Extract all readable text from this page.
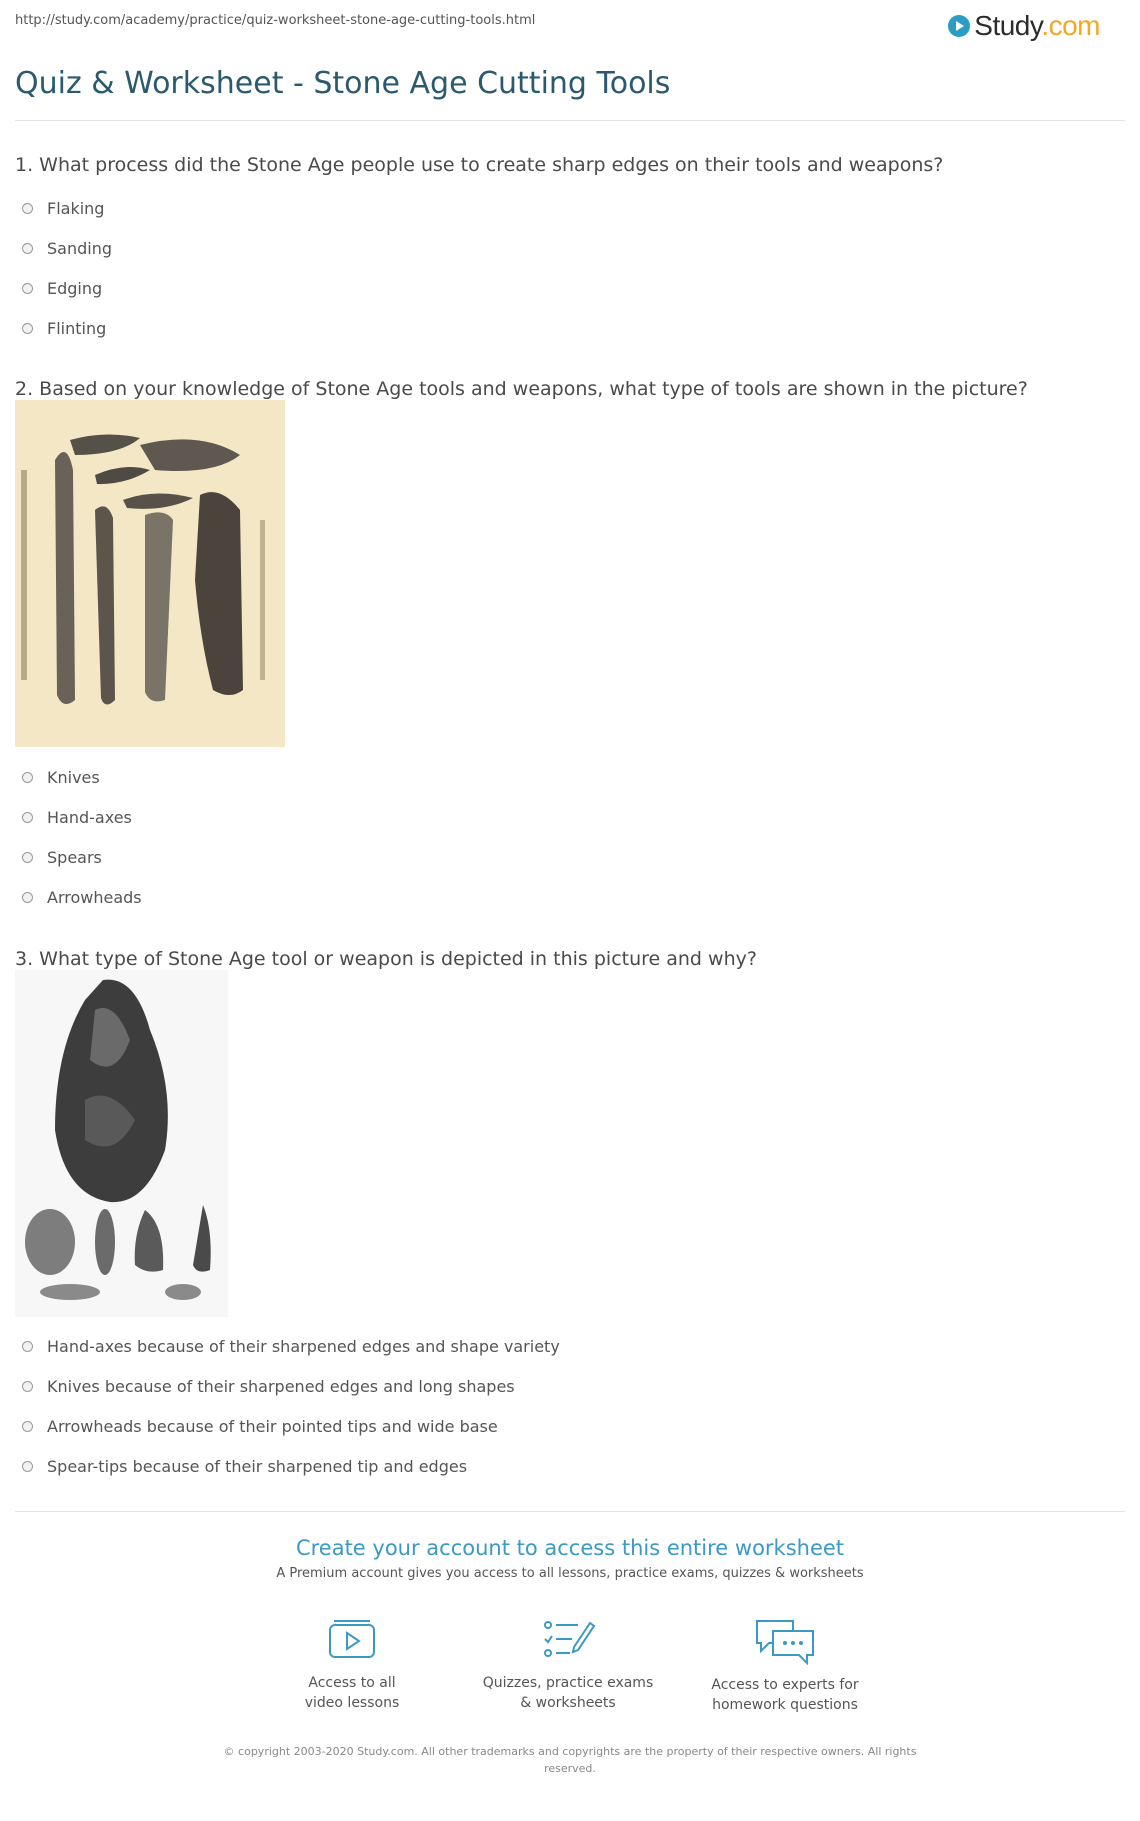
http://study.com/academy/practice/quiz-worksheet-stone-age-cutting-tools.html	Study.com
Quiz & Worksheet - Stone Age Cutting Tools

1. What process did the Stone Age people use to create sharp edges on their tools and weapons?

Flaking
Sanding
Edging
Flinting

2. Based on your knowledge of Stone Age tools and weapons, what type of tools are shown in the picture?

Knives
Hand-axes
Spears
Arrowheads

3. What type of Stone Age tool or weapon is depicted in this picture and why?

Hand-axes because of their sharpened edges and shape variety
Knives because of their sharpened edges and long shapes
Arrowheads because of their pointed tips and wide base
Spear-tips because of their sharpened tip and edges
Create your account to access this entire worksheet
A Premium account gives you access to all lessons, practice exams, quizzes & worksheets
Access to all
video lessons
Quizzes, practice exams
& worksheets
Access to experts for
homework questions
© copyright 2003-2020 Study.com. All other trademarks and copyrights are the property of their respective owners. All rights
reserved.
